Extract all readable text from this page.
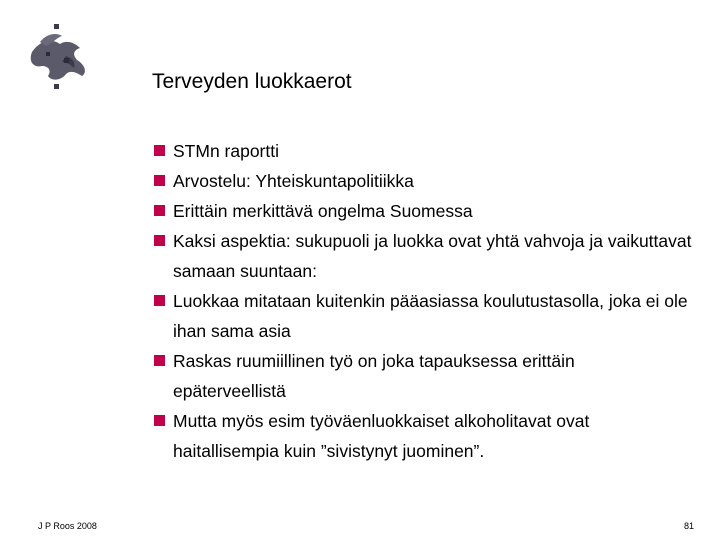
Terveyden luokkaerot
STMn raportti
Arvostelu: Yhteiskuntapolitiikka
Erittäin merkittävä ongelma Suomessa
Kaksi aspektia: sukupuoli ja luokka ovat yhtä vahvoja ja vaikuttavat samaan suuntaan:
Luokkaa mitataan kuitenkin pääasiassa koulutustasolla, joka ei ole ihan sama asia
Raskas ruumiillinen työ on joka tapauksessa erittäin epäterveellistä
Mutta myös esim työväenluokkaiset alkoholitavat ovat haitallisempia kuin ”sivistynyt juominen”.
J P Roos 2008	81
